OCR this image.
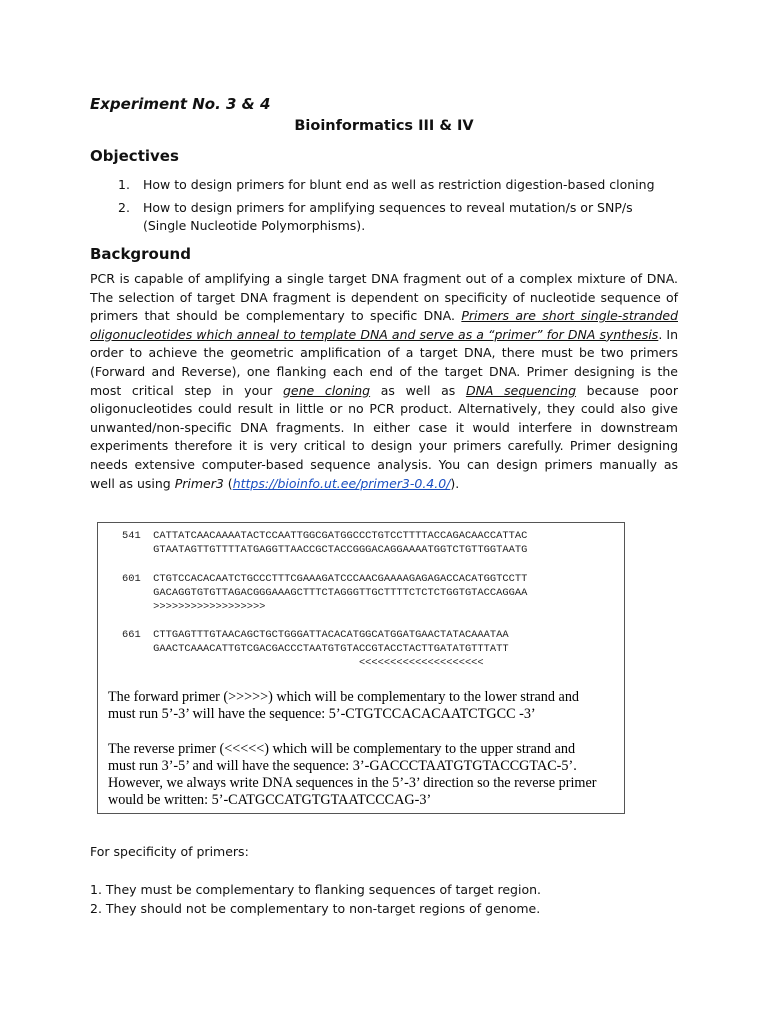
Experiment No. 3 & 4
Bioinformatics III & IV
Objectives
1. How to design primers for blunt end as well as restriction digestion-based cloning
2. How to design primers for amplifying sequences to reveal mutation/s or SNP/s (Single Nucleotide Polymorphisms).
Background

PCR is capable of amplifying a single target DNA fragment out of a complex mixture of DNA. The selection of target DNA fragment is dependent on specificity of nucleotide sequence of primers that should be complementary to specific DNA. Primers are short single-stranded oligonucleotides which anneal to template DNA and serve as a “primer” for DNA synthesis. In order to achieve the geometric amplification of a target DNA, there must be two primers (Forward and Reverse), one flanking each end of the target DNA. Primer designing is the most critical step in your gene cloning as well as DNA sequencing because poor oligonucleotides could result in little or no PCR product. Alternatively, they could also give unwanted/non-specific DNA fragments. In either case it would interfere in downstream experiments therefore it is very critical to design your primers carefully. Primer designing needs extensive computer-based sequence analysis. You can design primers manually as well as using Primer3 (https://bioinfo.ut.ee/primer3-0.4.0/).

541  CATTATCAACAAAATACTCCAATTGGCGATGGCCCTGTCCTTTTACCAGACAACCATTAC
GTAATAGTTGTTTTATGAGGTTAACCGCTACCGGGACAGGAAAATGGTCTGTTGGTAATG
601  CTGTCCACACAATCTGCCCTTTCGAAAGATCCCAACGAAAAGAGAGACCACATGGTCCTT
GACAGGTGTGTTAGACGGGAAAGCTTTCTAGGGTTGCTTTTCTCTCTGGTGTACCAGGAA
>>>>>>>>>>>>>>>>>>
661  CTTGAGTTTGTAACAGCTGCTGGGATTACACATGGCATGGATGAACTATACAAATAA
GAACTCAAACATTGTCGACGACCCTAATGTGTACCGTACCTACTTGATATGTTTATT
<<<<<<<<<<<<<<<<<<<<
The forward primer (>>>>>) which will be complementary to the lower strand and
must run 5’-3’ will have the sequence: 5’-CTGTCCACACAATCTGCC -3’
The reverse primer (<<<<<) which will be complementary to the upper strand and
must run 3’-5’ and will have the sequence: 3’-GACCCTAATGTGTACCGTAC-5’.
However, we always write DNA sequences in the 5’-3’ direction so the reverse primer
would be written: 5’-CATGCCATGTGTAATCCCAG-3’
For specificity of primers:
1. They must be complementary to flanking sequences of target region.
2. They should not be complementary to non-target regions of genome.
